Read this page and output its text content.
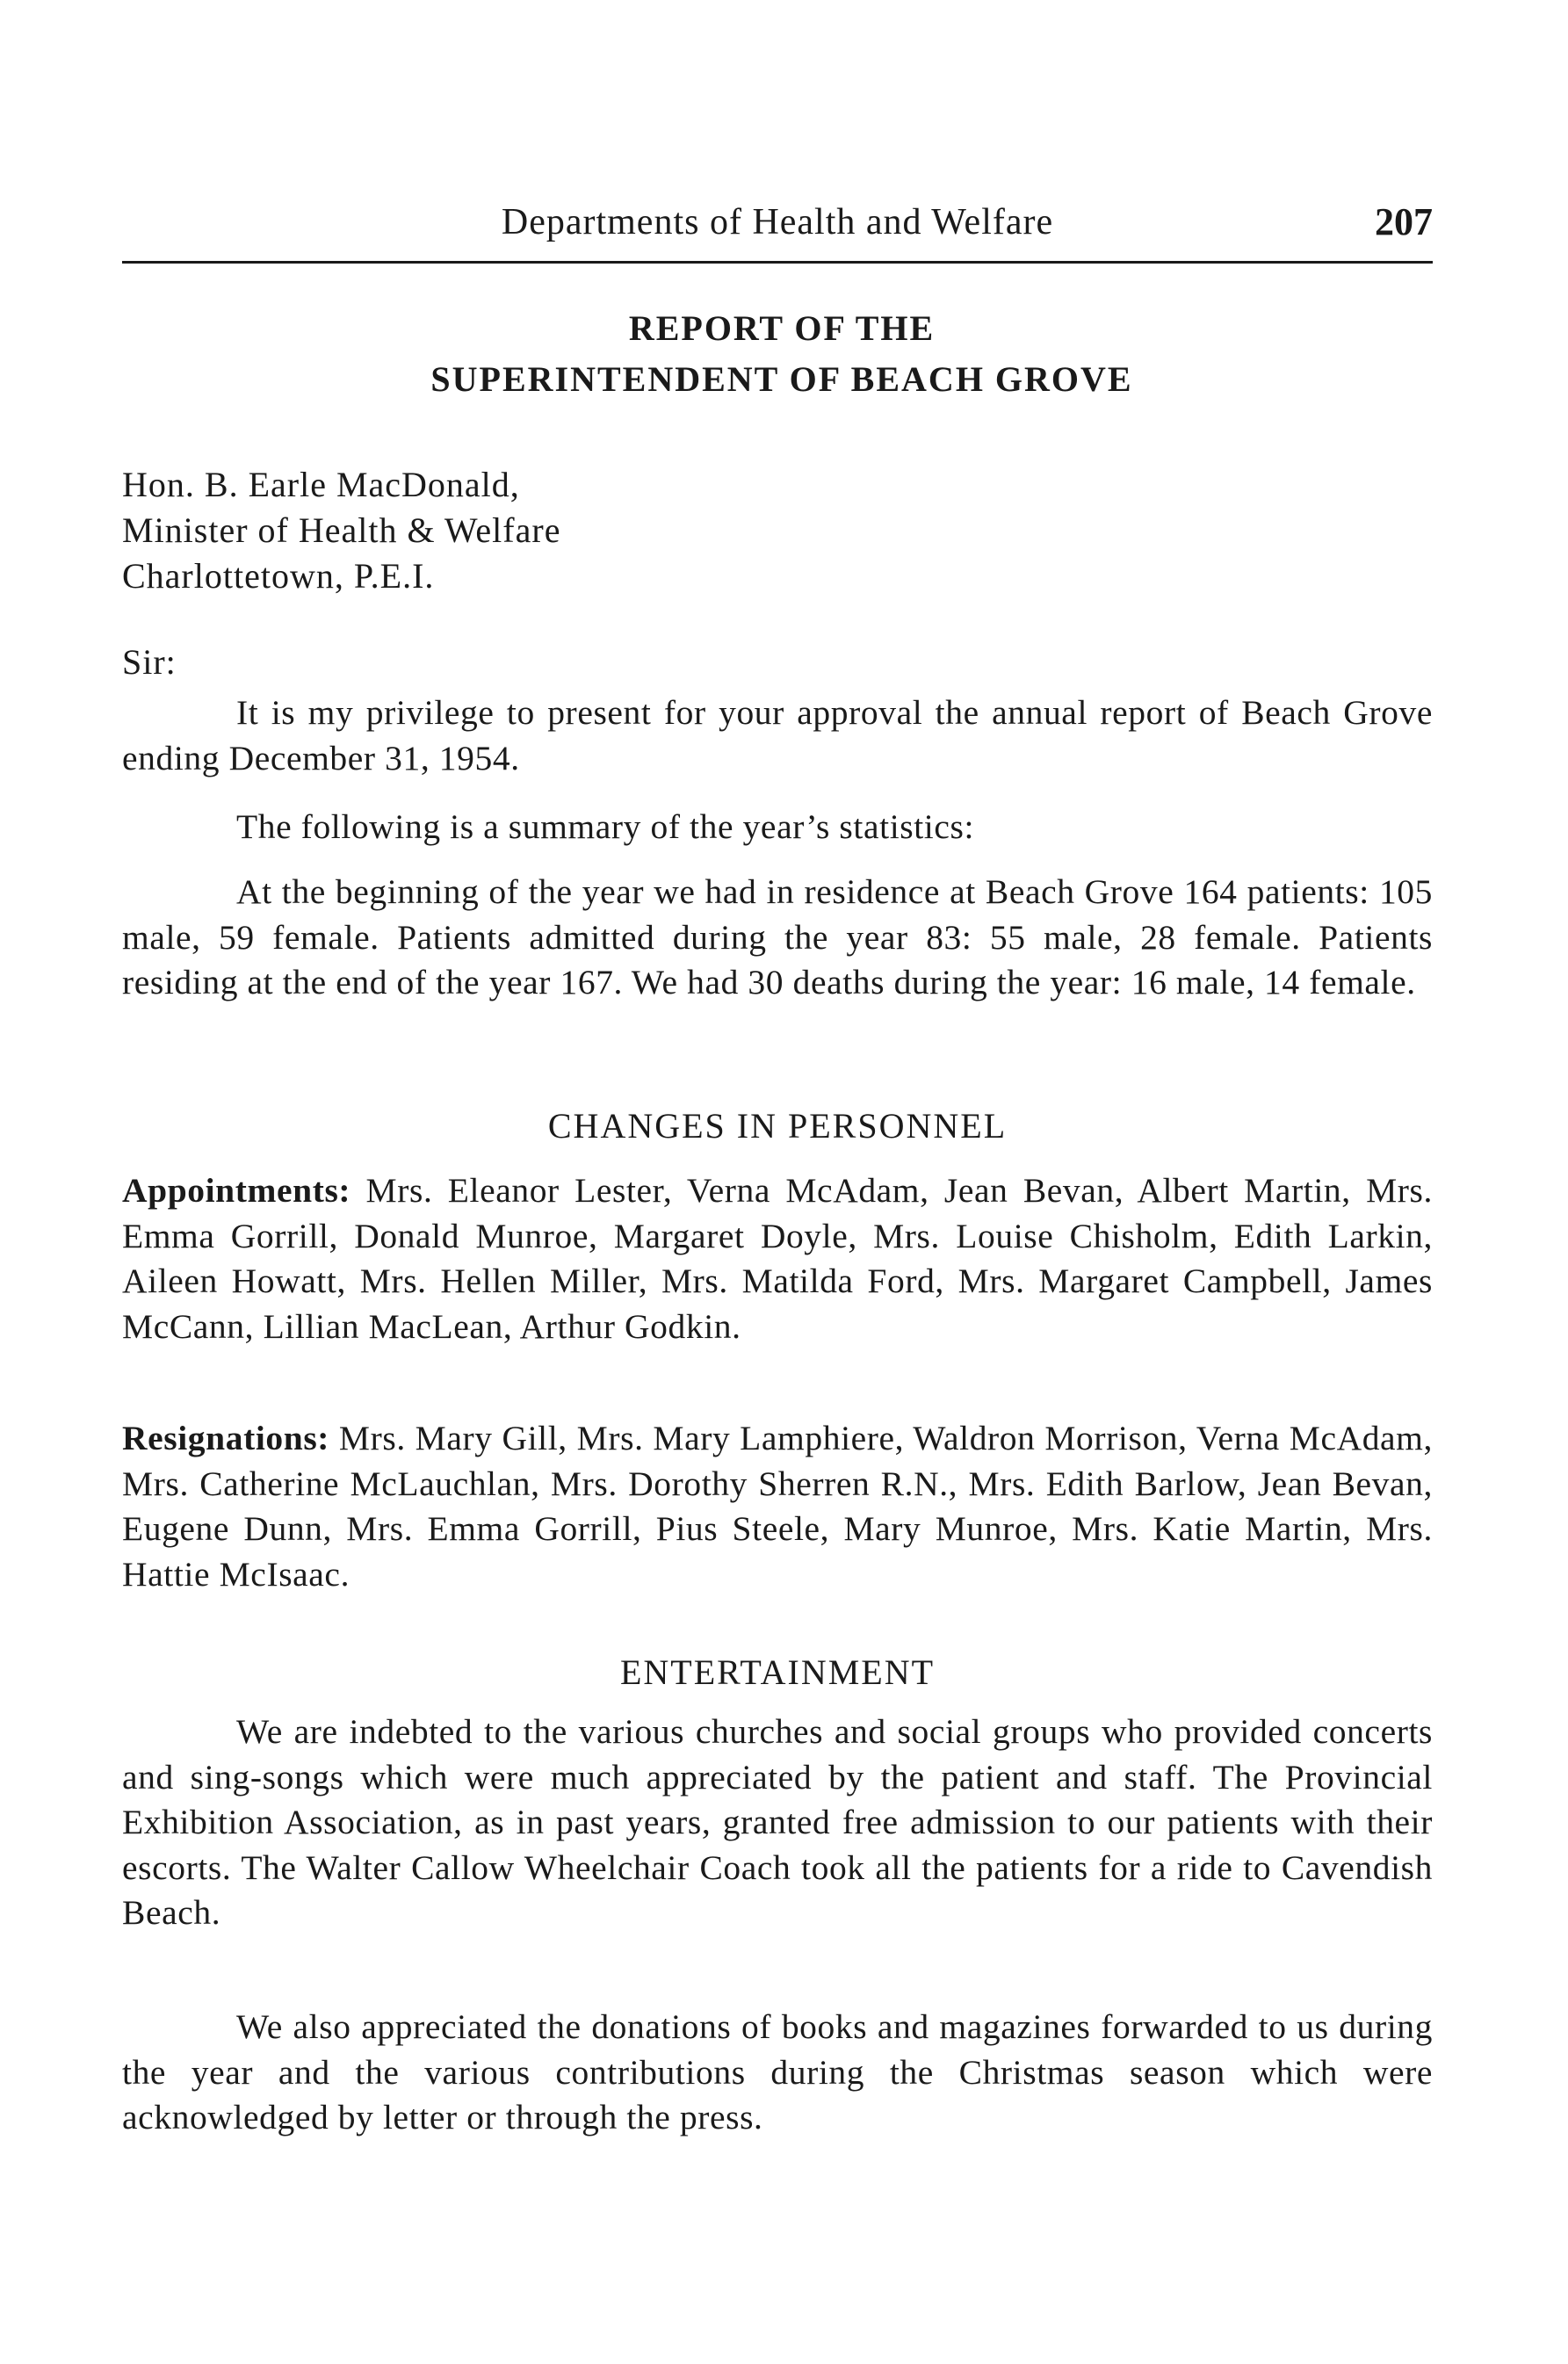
Departments of Health and Welfare	207
REPORT OF THE
SUPERINTENDENT OF BEACH GROVE
Hon. B. Earle MacDonald,
Minister of Health & Welfare
Charlottetown, P.E.I.
Sir:

It is my privilege to present for your approval the annual report of Beach Grove ending December 31, 1954.

The following is a summary of the year’s statistics:

At the beginning of the year we had in residence at Beach Grove 164 patients: 105 male, 59 female. Patients admitted during the year 83: 55 male, 28 female. Patients residing at the end of the year 167. We had 30 deaths during the year: 16 male, 14 female.

CHANGES IN PERSONNEL

Appointments: Mrs. Eleanor Lester, Verna McAdam, Jean Bevan, Albert Martin, Mrs. Emma Gorrill, Donald Munroe, Margaret Doyle, Mrs. Louise Chisholm, Edith Larkin, Aileen Howatt, Mrs. Hellen Miller, Mrs. Matilda Ford, Mrs. Margaret Campbell, James McCann, Lillian MacLean, Arthur Godkin.

Resignations: Mrs. Mary Gill, Mrs. Mary Lamphiere, Waldron Morrison, Verna McAdam, Mrs. Catherine McLauchlan, Mrs. Dorothy Sherren R.N., Mrs. Edith Barlow, Jean Bevan, Eugene Dunn, Mrs. Emma Gorrill, Pius Steele, Mary Munroe, Mrs. Katie Martin, Mrs. Hattie McIsaac.

ENTERTAINMENT

We are indebted to the various churches and social groups who provided concerts and sing-songs which were much appreciated by the patient and staff. The Provincial Exhibition Association, as in past years, granted free admission to our patients with their escorts. The Walter Callow Wheelchair Coach took all the patients for a ride to Cavendish Beach.

We also appreciated the donations of books and magazines forwarded to us during the year and the various contributions during the Christmas season which were acknowledged by letter or through the press.
